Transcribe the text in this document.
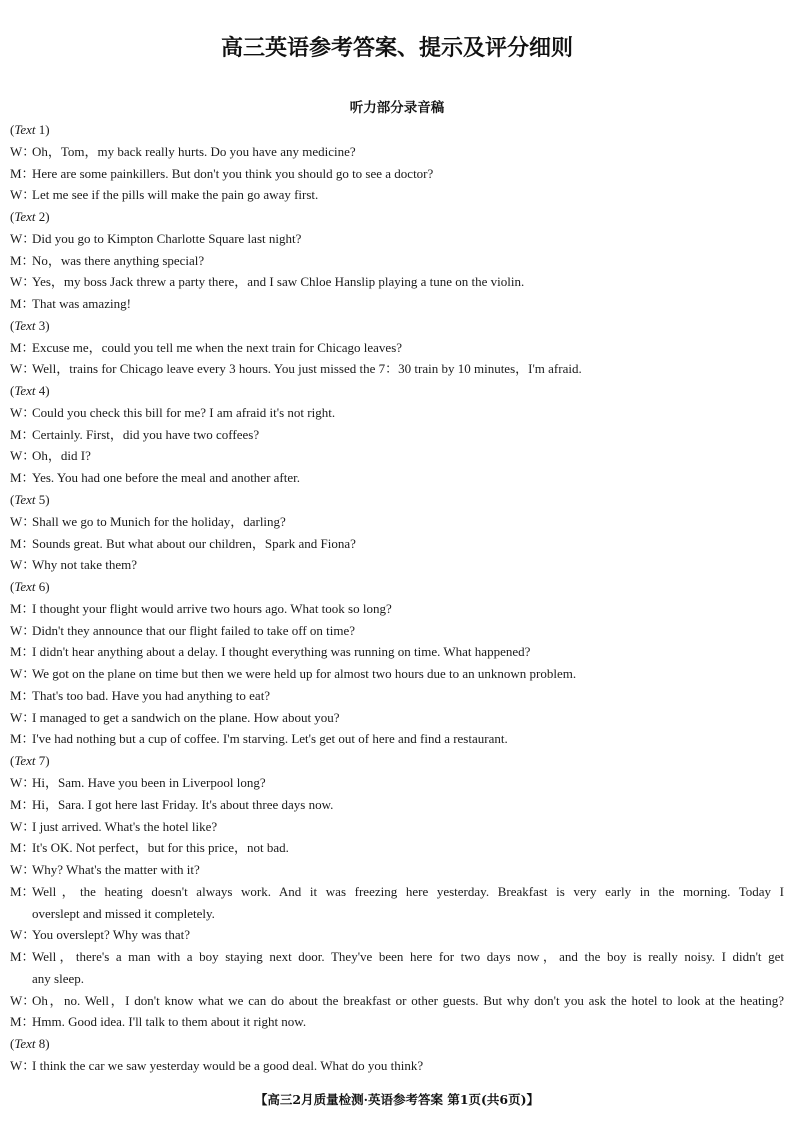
高三英语参考答案、提示及评分细则
听力部分录音稿
(Text 1)
W：Oh，Tom，my back really hurts. Do you have any medicine?
M：Here are some painkillers. But don't you think you should go to see a doctor?
W：Let me see if the pills will make the pain go away first.
(Text 2)
W：Did you go to Kimpton Charlotte Square last night?
M：No，was there anything special?
W：Yes，my boss Jack threw a party there，and I saw Chloe Hanslip playing a tune on the violin.
M：That was amazing!
(Text 3)
M：Excuse me，could you tell me when the next train for Chicago leaves?
W：Well，trains for Chicago leave every 3 hours. You just missed the 7：30 train by 10 minutes，I'm afraid.
(Text 4)
W：Could you check this bill for me? I am afraid it's not right.
M：Certainly. First，did you have two coffees?
W：Oh，did I?
M：Yes. You had one before the meal and another after.
(Text 5)
W：Shall we go to Munich for the holiday，darling?
M：Sounds great. But what about our children，Spark and Fiona?
W：Why not take them?
(Text 6)
M：I thought your flight would arrive two hours ago. What took so long?
W：Didn't they announce that our flight failed to take off on time?
M：I didn't hear anything about a delay. I thought everything was running on time. What happened?
W：We got on the plane on time but then we were held up for almost two hours due to an unknown problem.
M：That's too bad. Have you had anything to eat?
W：I managed to get a sandwich on the plane. How about you?
M：I've had nothing but a cup of coffee. I'm starving. Let's get out of here and find a restaurant.
(Text 7)
W：Hi，Sam. Have you been in Liverpool long?
M：Hi，Sara. I got here last Friday. It's about three days now.
W：I just arrived. What's the hotel like?
M：It's OK. Not perfect，but for this price，not bad.
W：Why? What's the matter with it?
M：Well，the heating doesn't always work. And it was freezing here yesterday. Breakfast is very early in the morning. Today I
overslept and missed it completely.
W：You overslept? Why was that?
M：Well，there's a man with a boy staying next door. They've been here for two days now，and the boy is really noisy. I didn't get
any sleep.
W：Oh，no. Well，I don't know what we can do about the breakfast or other guests. But why don't you ask the hotel to look at the heating?
M：Hmm. Good idea. I'll talk to them about it right now.
(Text 8)
W：I think the car we saw yesterday would be a good deal. What do you think?
【高三2月质量检测·英语参考答案 第1页(共6页)】
